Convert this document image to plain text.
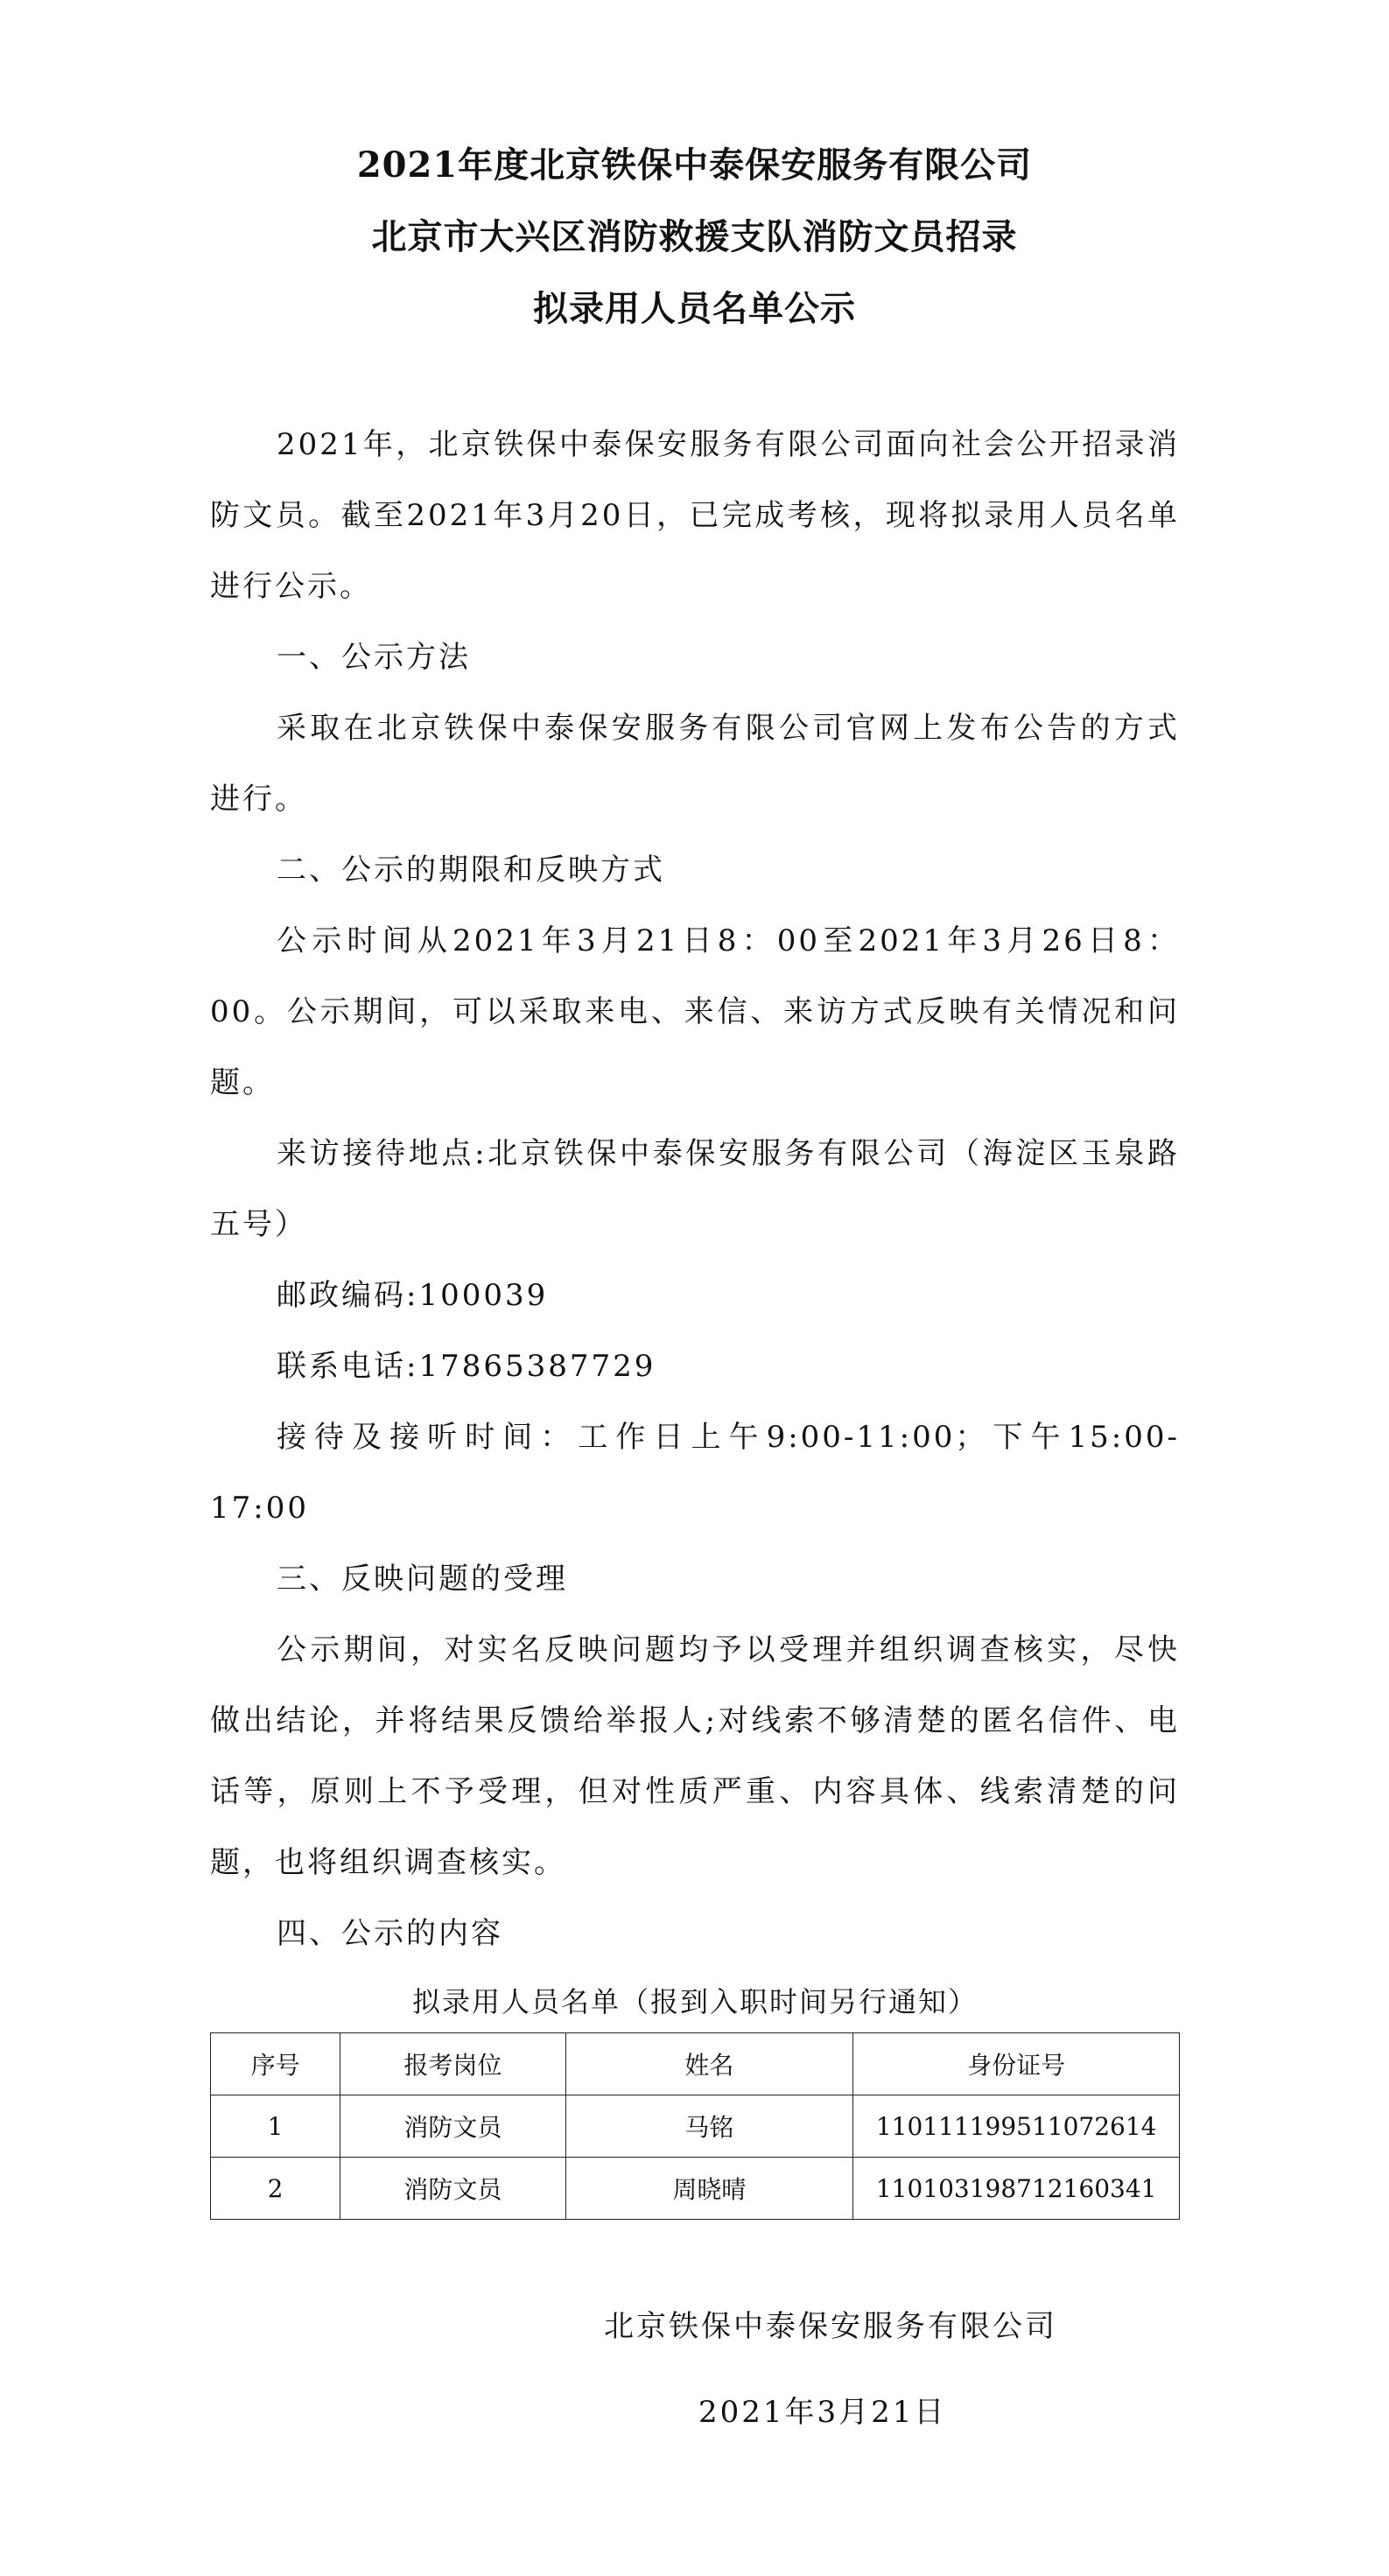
2021年度北京铁保中泰保安服务有限公司
北京市大兴区消防救援支队消防文员招录
拟录用人员名单公示

2021年，北京铁保中泰保安服务有限公司面向社会公开招录消防文员。截至2021年3月20日，已完成考核，现将拟录用人员名单进行公示。

一、公示方法

采取在北京铁保中泰保安服务有限公司官网上发布公告的方式进行。

二、公示的期限和反映方式

公示时间从2021年3月21日8：00至2021年3月26日8：00。公示期间，可以采取来电、来信、来访方式反映有关情况和问题。

来访接待地点:北京铁保中泰保安服务有限公司（海淀区玉泉路五号）

邮政编码:100039

联系电话:17865387729

接待及接听时间：工作日上午9:00-11:00；下午15:00-17:00

三、反映问题的受理

公示期间，对实名反映问题均予以受理并组织调查核实，尽快做出结论，并将结果反馈给举报人;对线索不够清楚的匿名信件、电话等，原则上不予受理，但对性质严重、内容具体、线索清楚的问题，也将组织调查核实。

四、公示的内容

拟录用人员名单（报到入职时间另行通知）
序号	报考岗位	姓名	身份证号
1	消防文员	马铭	110111199511072614
2	消防文员	周晓晴	110103198712160341
北京铁保中泰保安服务有限公司
2021年3月21日
